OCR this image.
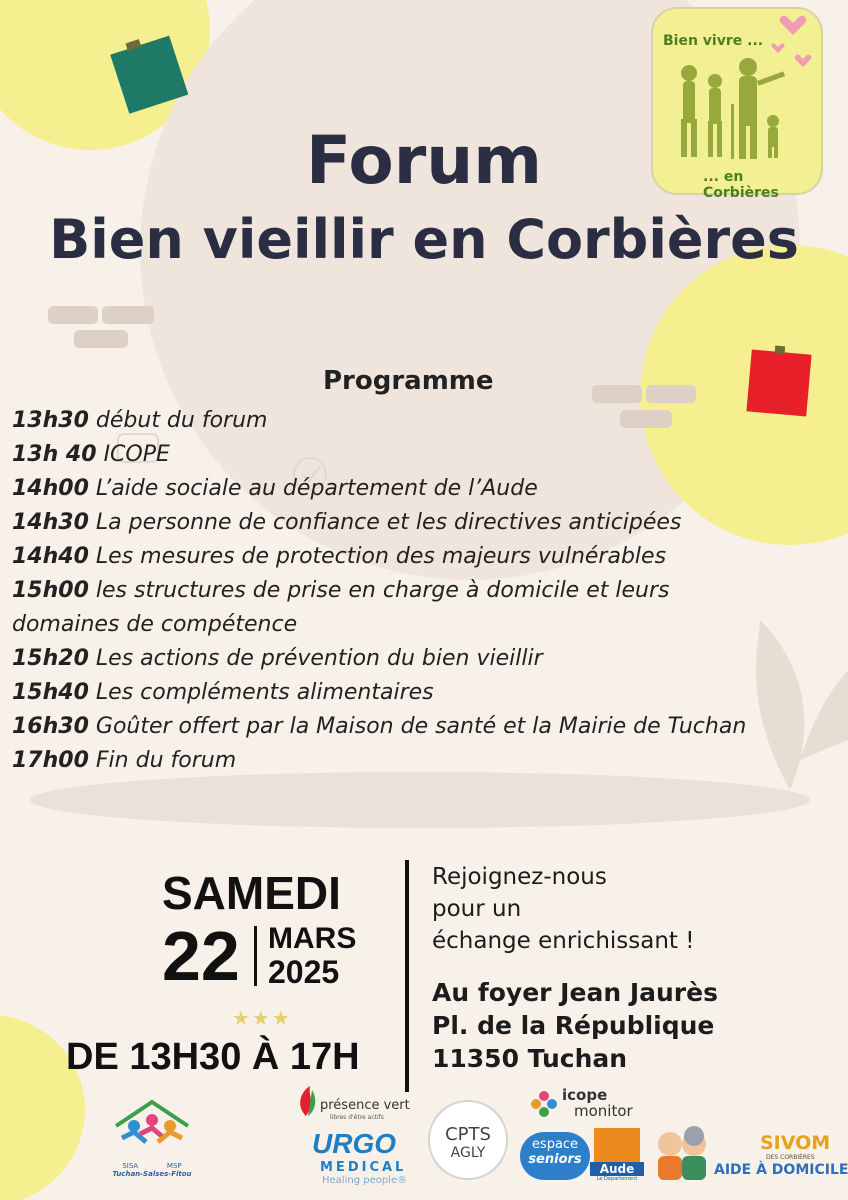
Bien vivre ...
... en Corbières
Forum
Bien vieillir en Corbières
Programme
13h30 début du forum
13h 40 ICOPE
14h00 L’aide sociale au département de l’Aude
14h30 La personne de confiance et les directives anticipées
14h40 Les mesures de protection des majeurs vulnérables
15h00 les structures de prise en charge à domicile et leurs domaines de compétence
15h20 Les actions de prévention du bien vieillir
15h40 Les compléments alimentaires
16h30 Goûter offert par la Maison de santé et la Mairie de Tuchan
17h00 Fin du forum
SAMEDI
22 MARS
2025
★★★
DE 13H30 À 17H
Rejoignez-nous
pour un
échange enrichissant !
Au foyer Jean Jaurès
Pl. de la République
11350 Tuchan
SISA	MSP
Tuchan-Salses-Fitou
présence vert
libres d'être actifs
URGO
MEDICAL
Healing people®
CPTS
AGLY
icope
monitor
espace
seniors
Aude
Le Département
SIVOM
DES CORBIÈRES
AIDE À DOMICILE
